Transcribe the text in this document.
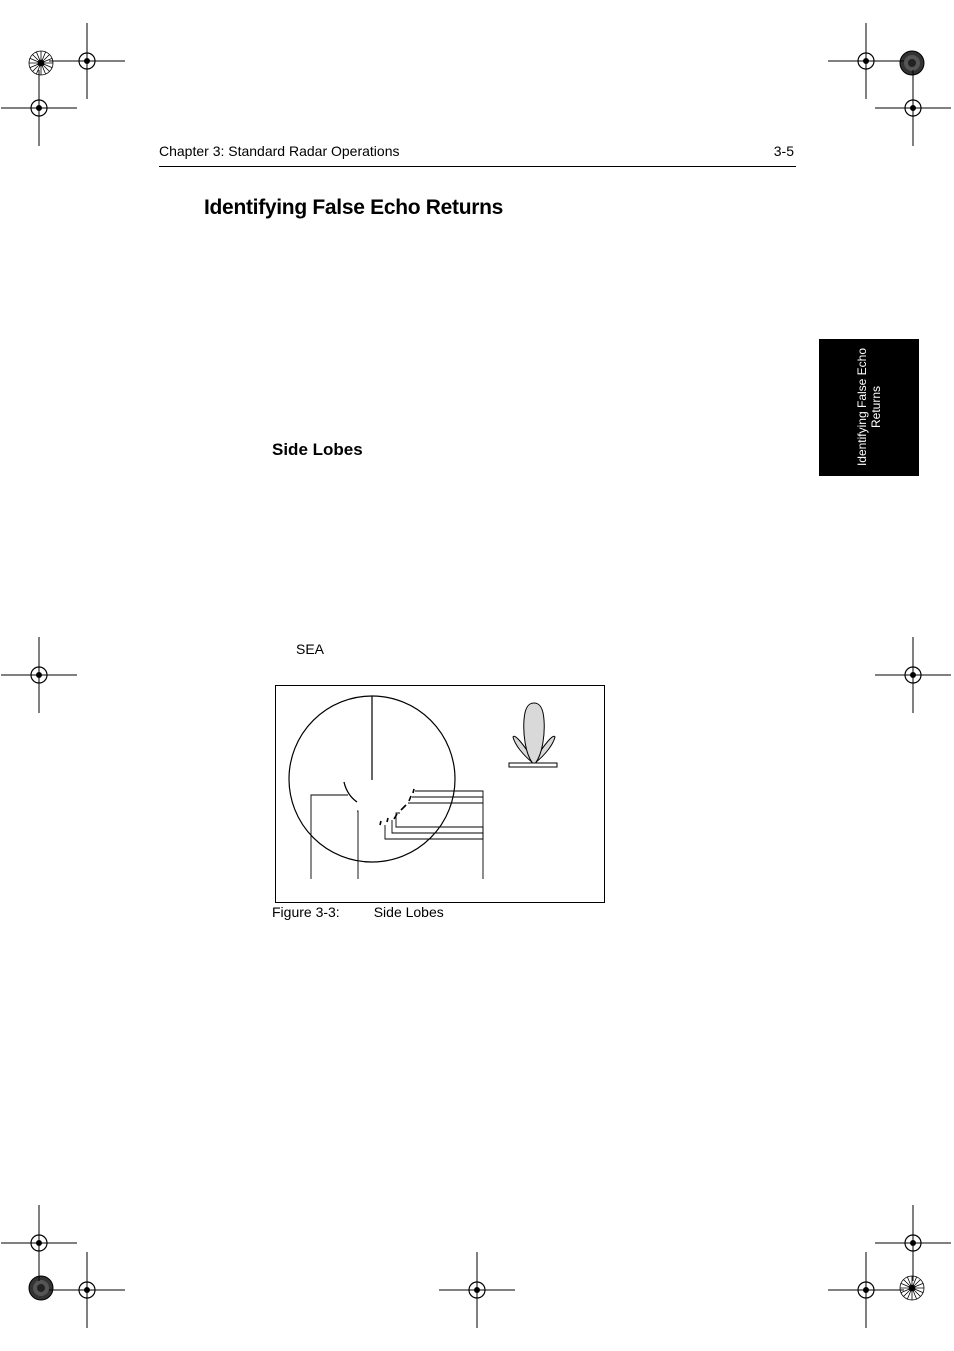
Chapter 3: Standard Radar Operations	3-5
Identifying False Echo Returns
Side Lobes
SEA
Identifying False Echo Returns
Figure 3-3: Side Lobes
